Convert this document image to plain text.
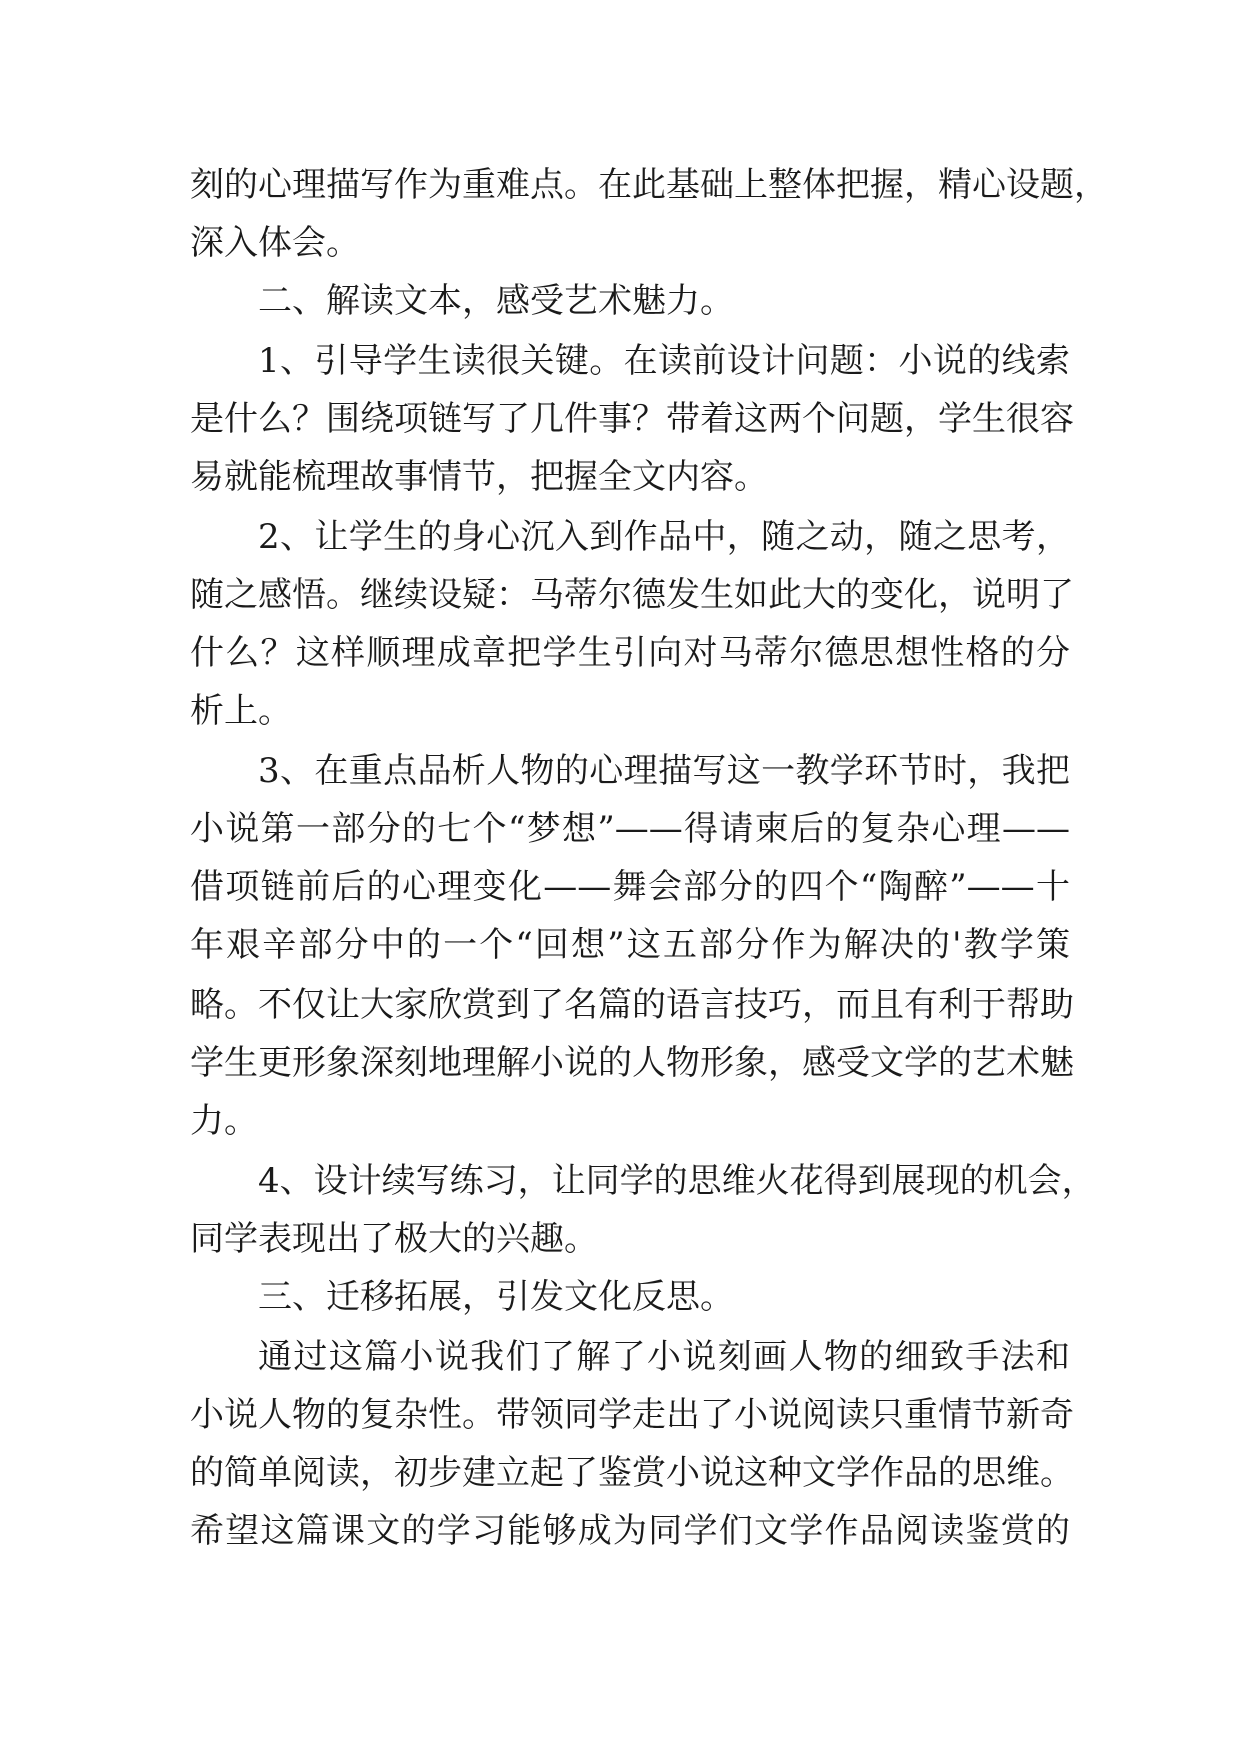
刻的心理描写作为重难点。在此基础上整体把握，精心设题，
深入体会。
二、解读文本，感受艺术魅力。
1、引导学生读很关键。在读前设计问题：小说的线索
是什么？围绕项链写了几件事？带着这两个问题，学生很容
易就能梳理故事情节，把握全文内容。
2、让学生的身心沉入到作品中，随之动，随之思考，
随之感悟。继续设疑：马蒂尔德发生如此大的变化，说明了
什么？这样顺理成章把学生引向对马蒂尔德思想性格的分
析上。
3、在重点品析人物的心理描写这一教学环节时，我把
小说第一部分的七个“梦想”——得请柬后的复杂心理——
借项链前后的心理变化——舞会部分的四个“陶醉”——十
年艰辛部分中的一个“回想”这五部分作为解决的'教学策
略。不仅让大家欣赏到了名篇的语言技巧，而且有利于帮助
学生更形象深刻地理解小说的人物形象，感受文学的艺术魅
力。
4、设计续写练习，让同学的思维火花得到展现的机会，
同学表现出了极大的兴趣。
三、迁移拓展，引发文化反思。
通过这篇小说我们了解了小说刻画人物的细致手法和
小说人物的复杂性。带领同学走出了小说阅读只重情节新奇
的简单阅读，初步建立起了鉴赏小说这种文学作品的思维。
希望这篇课文的学习能够成为同学们文学作品阅读鉴赏的
